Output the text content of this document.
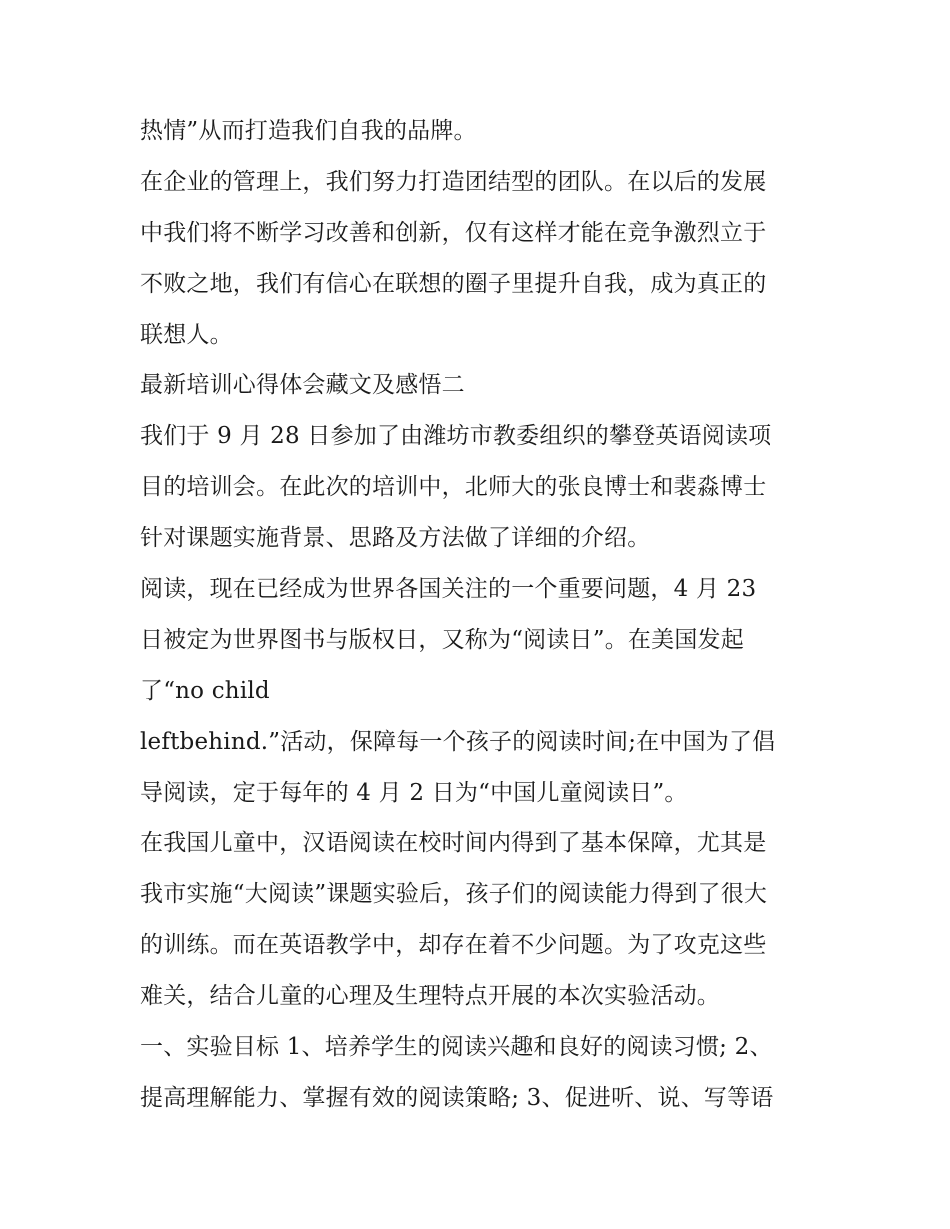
热情”从而打造我们自我的品牌。
在企业的管理上，我们努力打造团结型的团队。在以后的发展
中我们将不断学习改善和创新，仅有这样才能在竞争激烈立于
不败之地，我们有信心在联想的圈子里提升自我，成为真正的
联想人。
最新培训心得体会藏文及感悟二
我们于 9 月 28 日参加了由潍坊市教委组织的攀登英语阅读项
目的培训会。在此次的培训中，北师大的张良博士和裴淼博士
针对课题实施背景、思路及方法做了详细的介绍。
阅读，现在已经成为世界各国关注的一个重要问题，4 月 23
日被定为世界图书与版权日，又称为“阅读日”。在美国发起
了“no child
leftbehind.”活动，保障每一个孩子的阅读时间;在中国为了倡
导阅读，定于每年的 4 月 2 日为“中国儿童阅读日”。
在我国儿童中，汉语阅读在校时间内得到了基本保障，尤其是
我市实施“大阅读”课题实验后，孩子们的阅读能力得到了很大
的训练。而在英语教学中，却存在着不少问题。为了攻克这些
难关，结合儿童的心理及生理特点开展的本次实验活动。
一、实验目标 1、培养学生的阅读兴趣和良好的阅读习惯; 2、
提高理解能力、掌握有效的阅读策略; 3、促进听、说、写等语
